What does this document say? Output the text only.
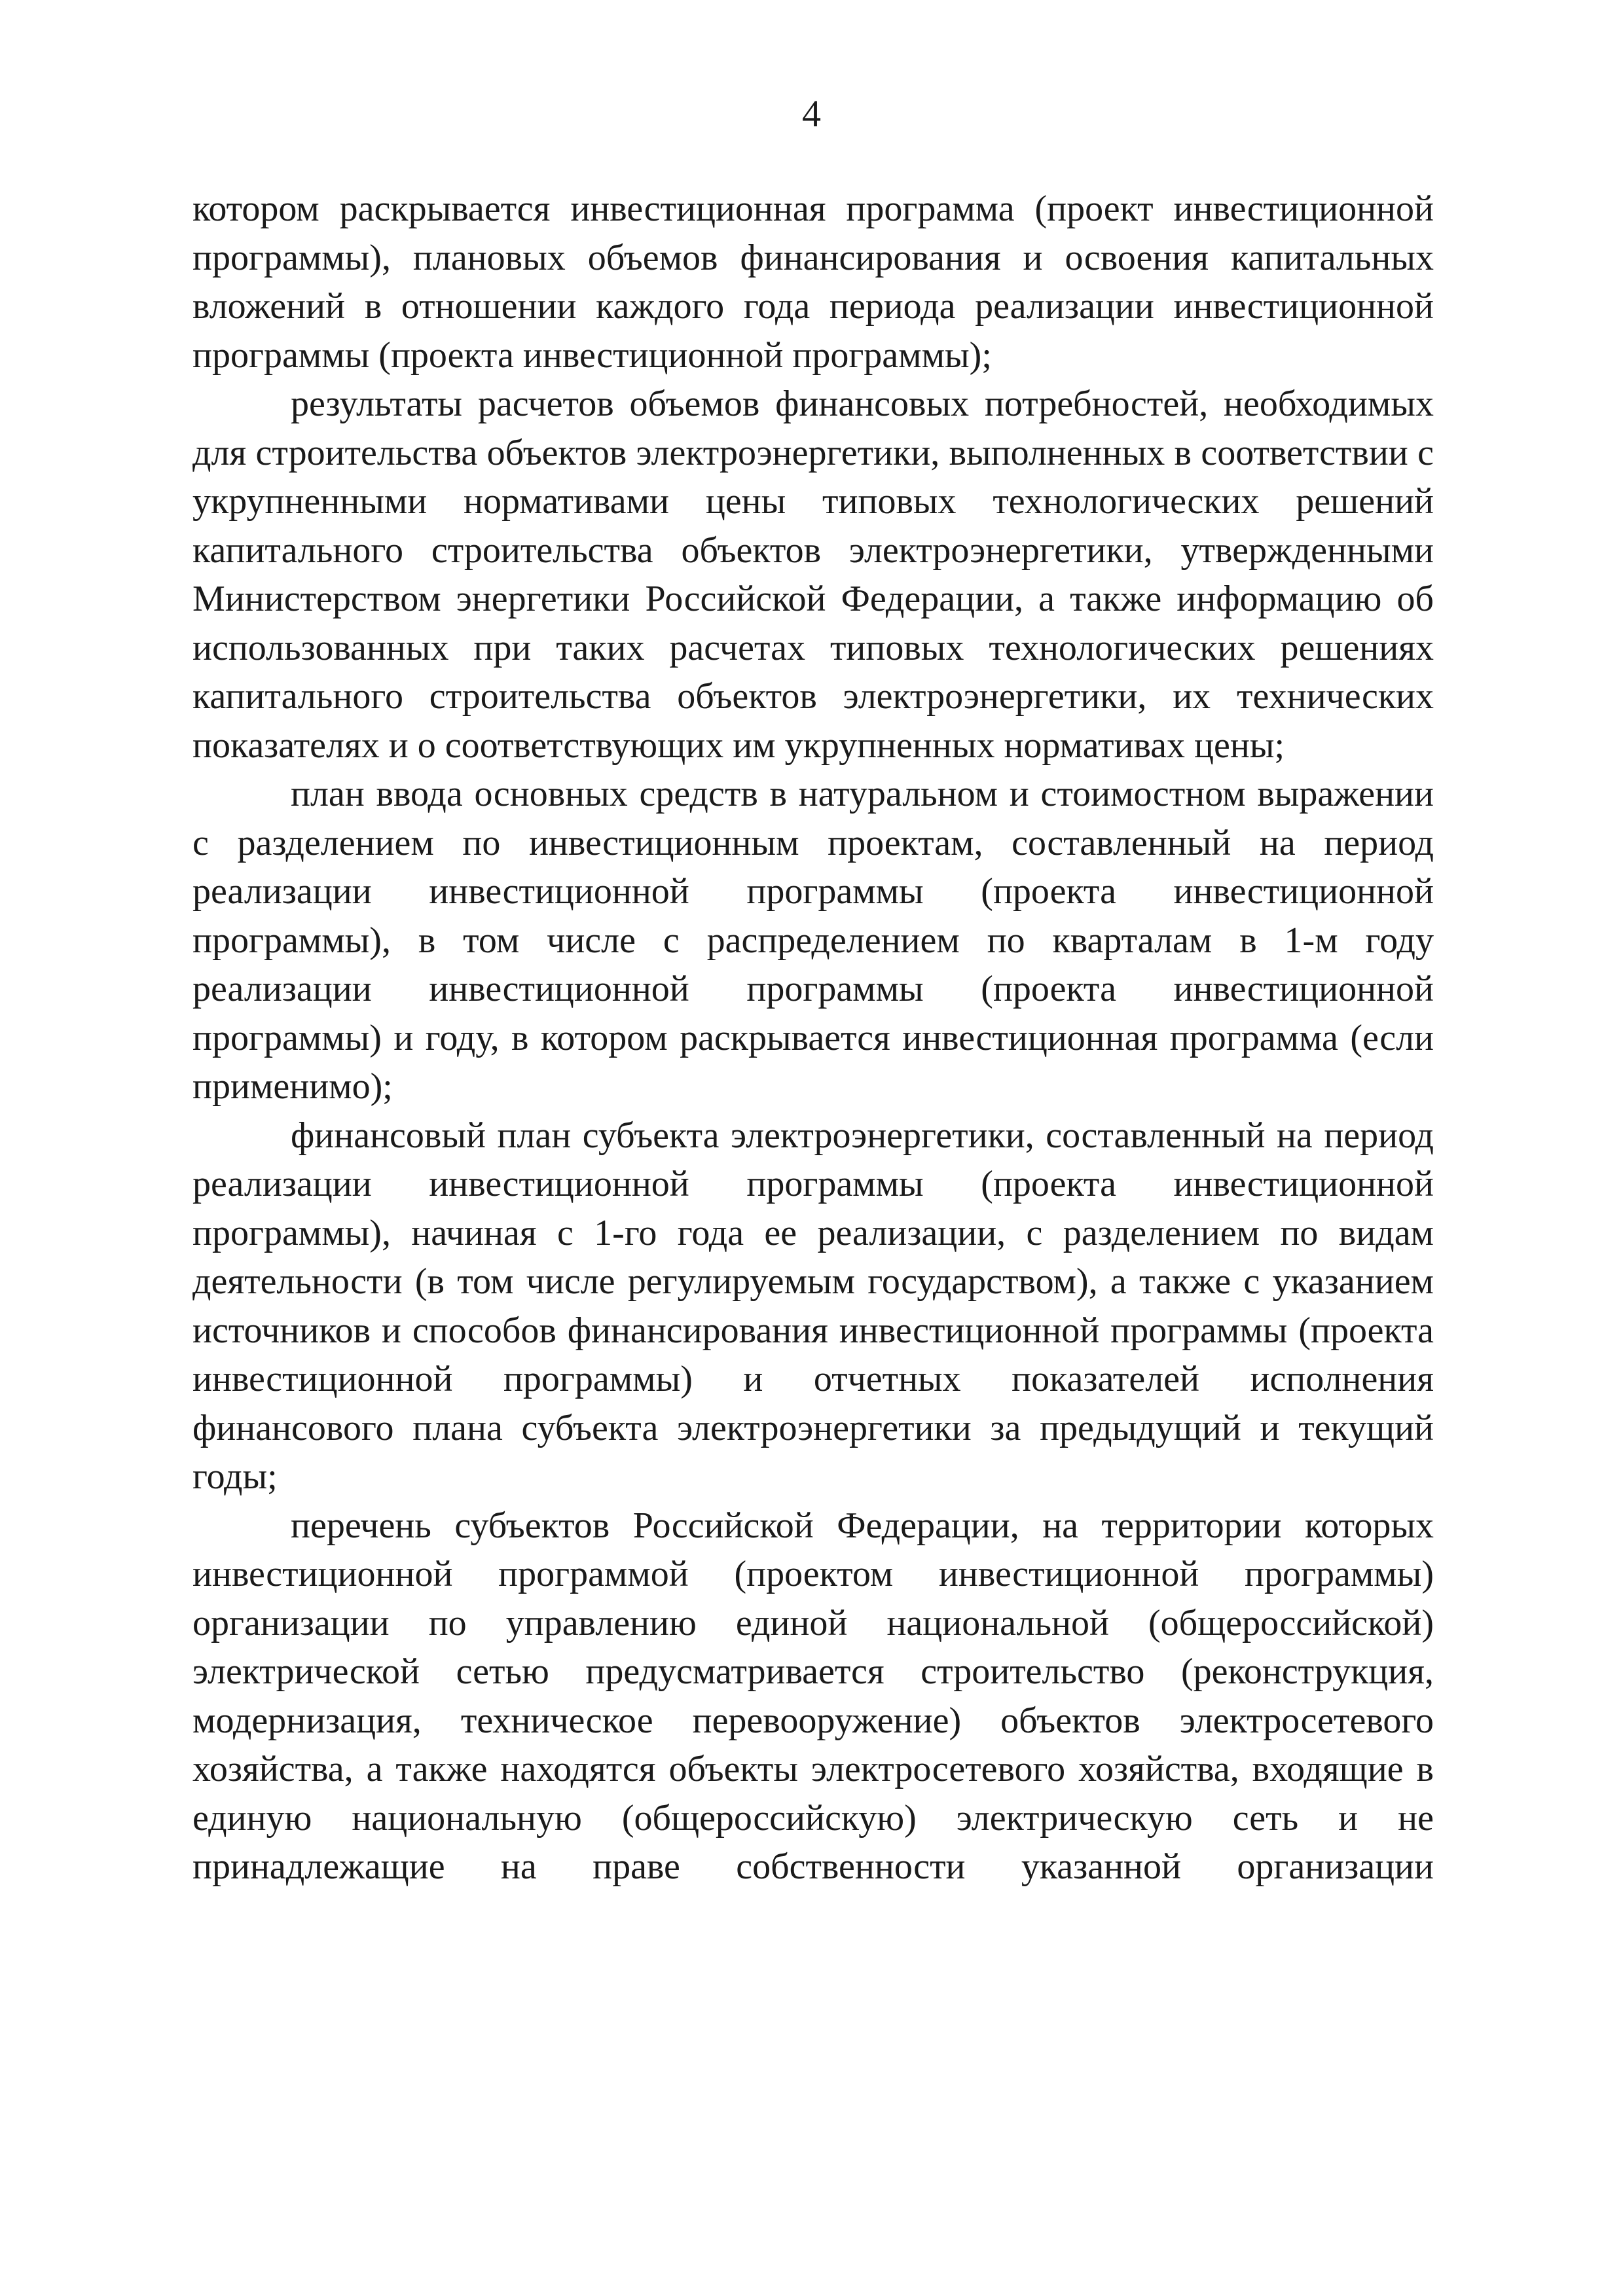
4

котором раскрывается инвестиционная программа (проект инвестиционной программы), плановых объемов финансирования и освоения капитальных вложений в отношении каждого года периода реализации инвестиционной программы (проекта инвестиционной программы);

результаты расчетов объемов финансовых потребностей, необходимых для строительства объектов электроэнергетики, выполненных в соответствии с укрупненными нормативами цены типовых технологических решений капитального строительства объектов электроэнергетики, утвержденными Министерством энергетики Российской Федерации, а также информацию об использованных при таких расчетах типовых технологических решениях капитального строительства объектов электроэнергетики, их технических показателях и о соответствующих им укрупненных нормативах цены;

план ввода основных средств в натуральном и стоимостном выражении с разделением по инвестиционным проектам, составленный на период реализации инвестиционной программы (проекта инвестиционной программы), в том числе с распределением по кварталам в 1-м году реализации инвестиционной программы (проекта инвестиционной программы) и году, в котором раскрывается инвестиционная программа (если применимо);

финансовый план субъекта электроэнергетики, составленный на период реализации инвестиционной программы (проекта инвестиционной программы), начиная с 1-го года ее реализации, с разделением по видам деятельности (в том числе регулируемым государством), а также с указанием источников и способов финансирования инвестиционной программы (проекта инвестиционной программы) и отчетных показателей исполнения финансового плана субъекта электроэнергетики за предыдущий и текущий годы;

перечень субъектов Российской Федерации, на территории которых инвестиционной программой (проектом инвестиционной программы) организации по управлению единой национальной (общероссийской) электрической сетью предусматривается строительство (реконструкция, модернизация, техническое перевооружение) объектов электросетевого хозяйства, а также находятся объекты электросетевого хозяйства, входящие в единую национальную (общероссийскую) электрическую сеть и не принадлежащие на праве собственности указанной организации
